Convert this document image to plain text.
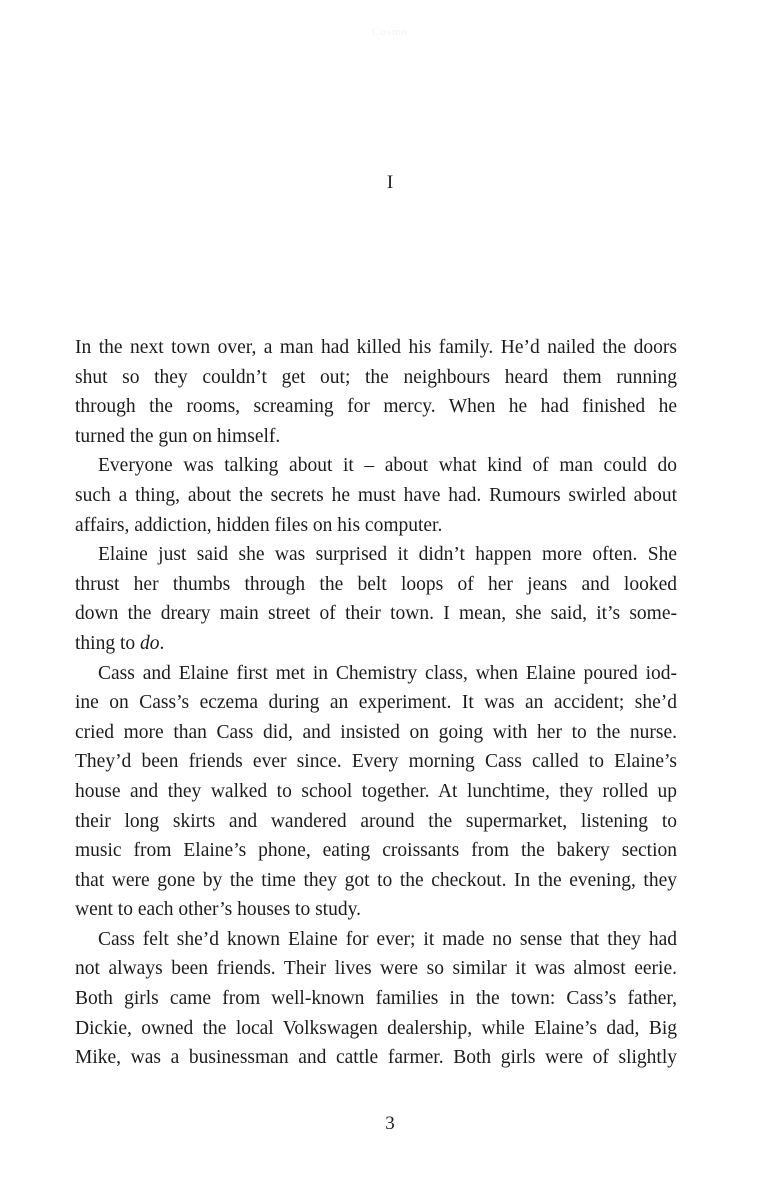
Cosmo
I
In the next town over, a man had killed his family. He’d nailed the doors
shut so they couldn’t get out; the neighbours heard them running
through the rooms, screaming for mercy. When he had finished he
turned the gun on himself.
Everyone was talking about it – about what kind of man could do
such a thing, about the secrets he must have had. Rumours swirled about
affairs, addiction, hidden files on his computer.
Elaine just said she was surprised it didn’t happen more often. She
thrust her thumbs through the belt loops of her jeans and looked
down the dreary main street of their town. I mean, she said, it’s some-
thing to do.
Cass and Elaine first met in Chemistry class, when Elaine poured iod-
ine on Cass’s eczema during an experiment. It was an accident; she’d
cried more than Cass did, and insisted on going with her to the nurse.
They’d been friends ever since. Every morning Cass called to Elaine’s
house and they walked to school together. At lunchtime, they rolled up
their long skirts and wandered around the supermarket, listening to
music from Elaine’s phone, eating croissants from the bakery section
that were gone by the time they got to the checkout. In the evening, they
went to each other’s houses to study.
Cass felt she’d known Elaine for ever; it made no sense that they had
not always been friends. Their lives were so similar it was almost eerie.
Both girls came from well-known families in the town: Cass’s father,
Dickie, owned the local Volkswagen dealership, while Elaine’s dad, Big
Mike, was a businessman and cattle farmer. Both girls were of slightly
3
